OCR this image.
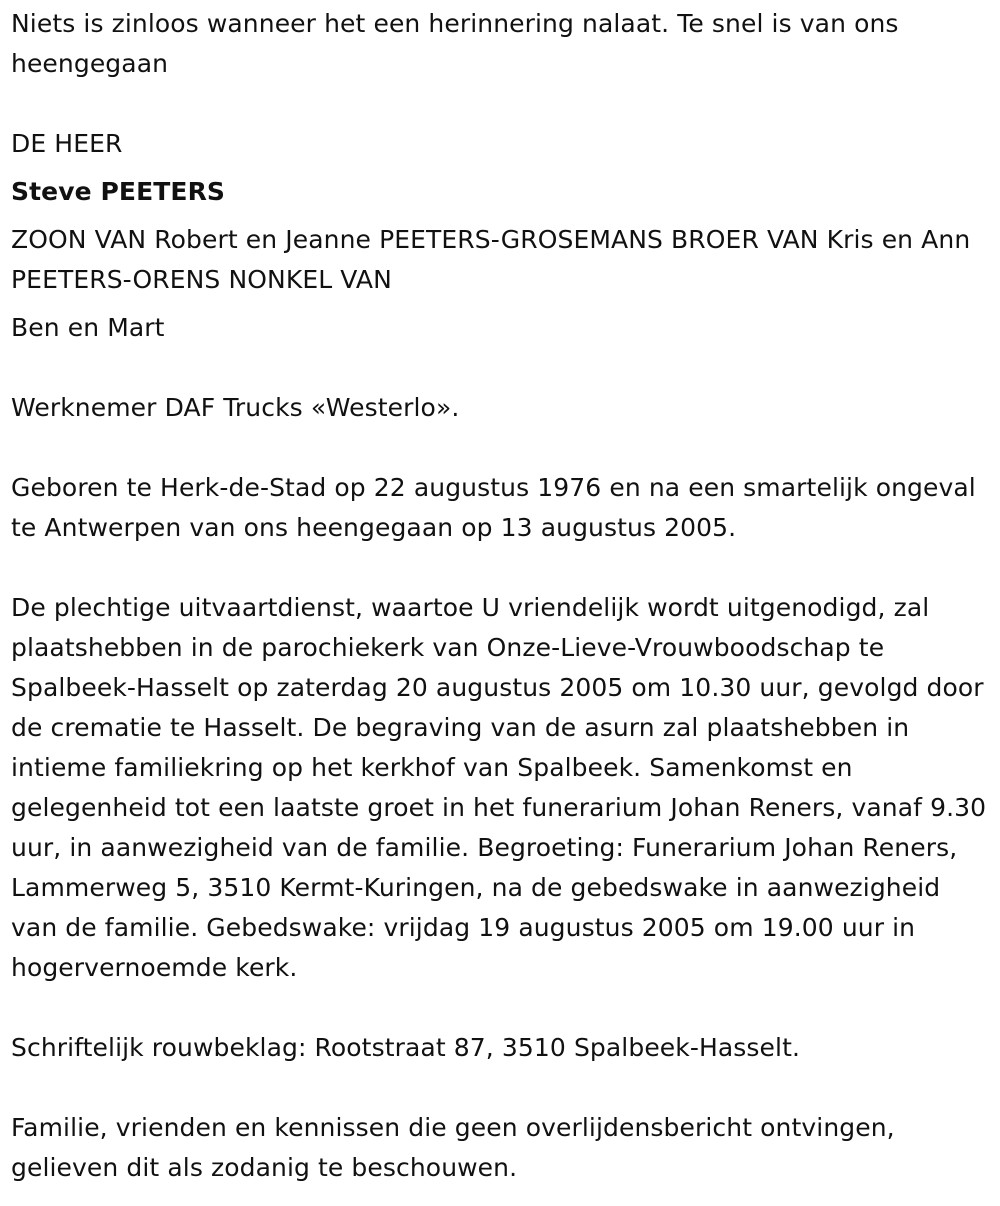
Niets is zinloos wanneer het een herinnering nalaat. Te snel is van ons heengegaan

DE HEER

Steve PEETERS

ZOON VAN Robert en Jeanne PEETERS-GROSEMANS BROER VAN Kris en Ann PEETERS-ORENS NONKEL VAN

Ben en Mart

Werknemer DAF Trucks «Westerlo».

Geboren te Herk-de-Stad op 22 augustus 1976 en na een smartelijk ongeval te Antwerpen van ons heengegaan op 13 augustus 2005.

De plechtige uitvaartdienst, waartoe U vriendelijk wordt uitgenodigd, zal plaatshebben in de parochiekerk van Onze-Lieve-Vrouwboodschap te Spalbeek-Hasselt op zaterdag 20 augustus 2005 om 10.30 uur, gevolgd door de crematie te Hasselt. De begraving van de asurn zal plaatshebben in intieme familiekring op het kerkhof van Spalbeek. Samenkomst en gelegenheid tot een laatste groet in het funerarium Johan Reners, vanaf 9.30 uur, in aanwezigheid van de familie. Begroeting: Funerarium Johan Reners, Lammerweg 5, 3510 Kermt-Kuringen, na de gebedswake in aanwezigheid van de familie. Gebedswake: vrijdag 19 augustus 2005 om 19.00 uur in hogervernoemde kerk.

Schriftelijk rouwbeklag: Rootstraat 87, 3510 Spalbeek-Hasselt.

Familie, vrienden en kennissen die geen overlijdensbericht ontvingen, gelieven dit als zodanig te beschouwen.
